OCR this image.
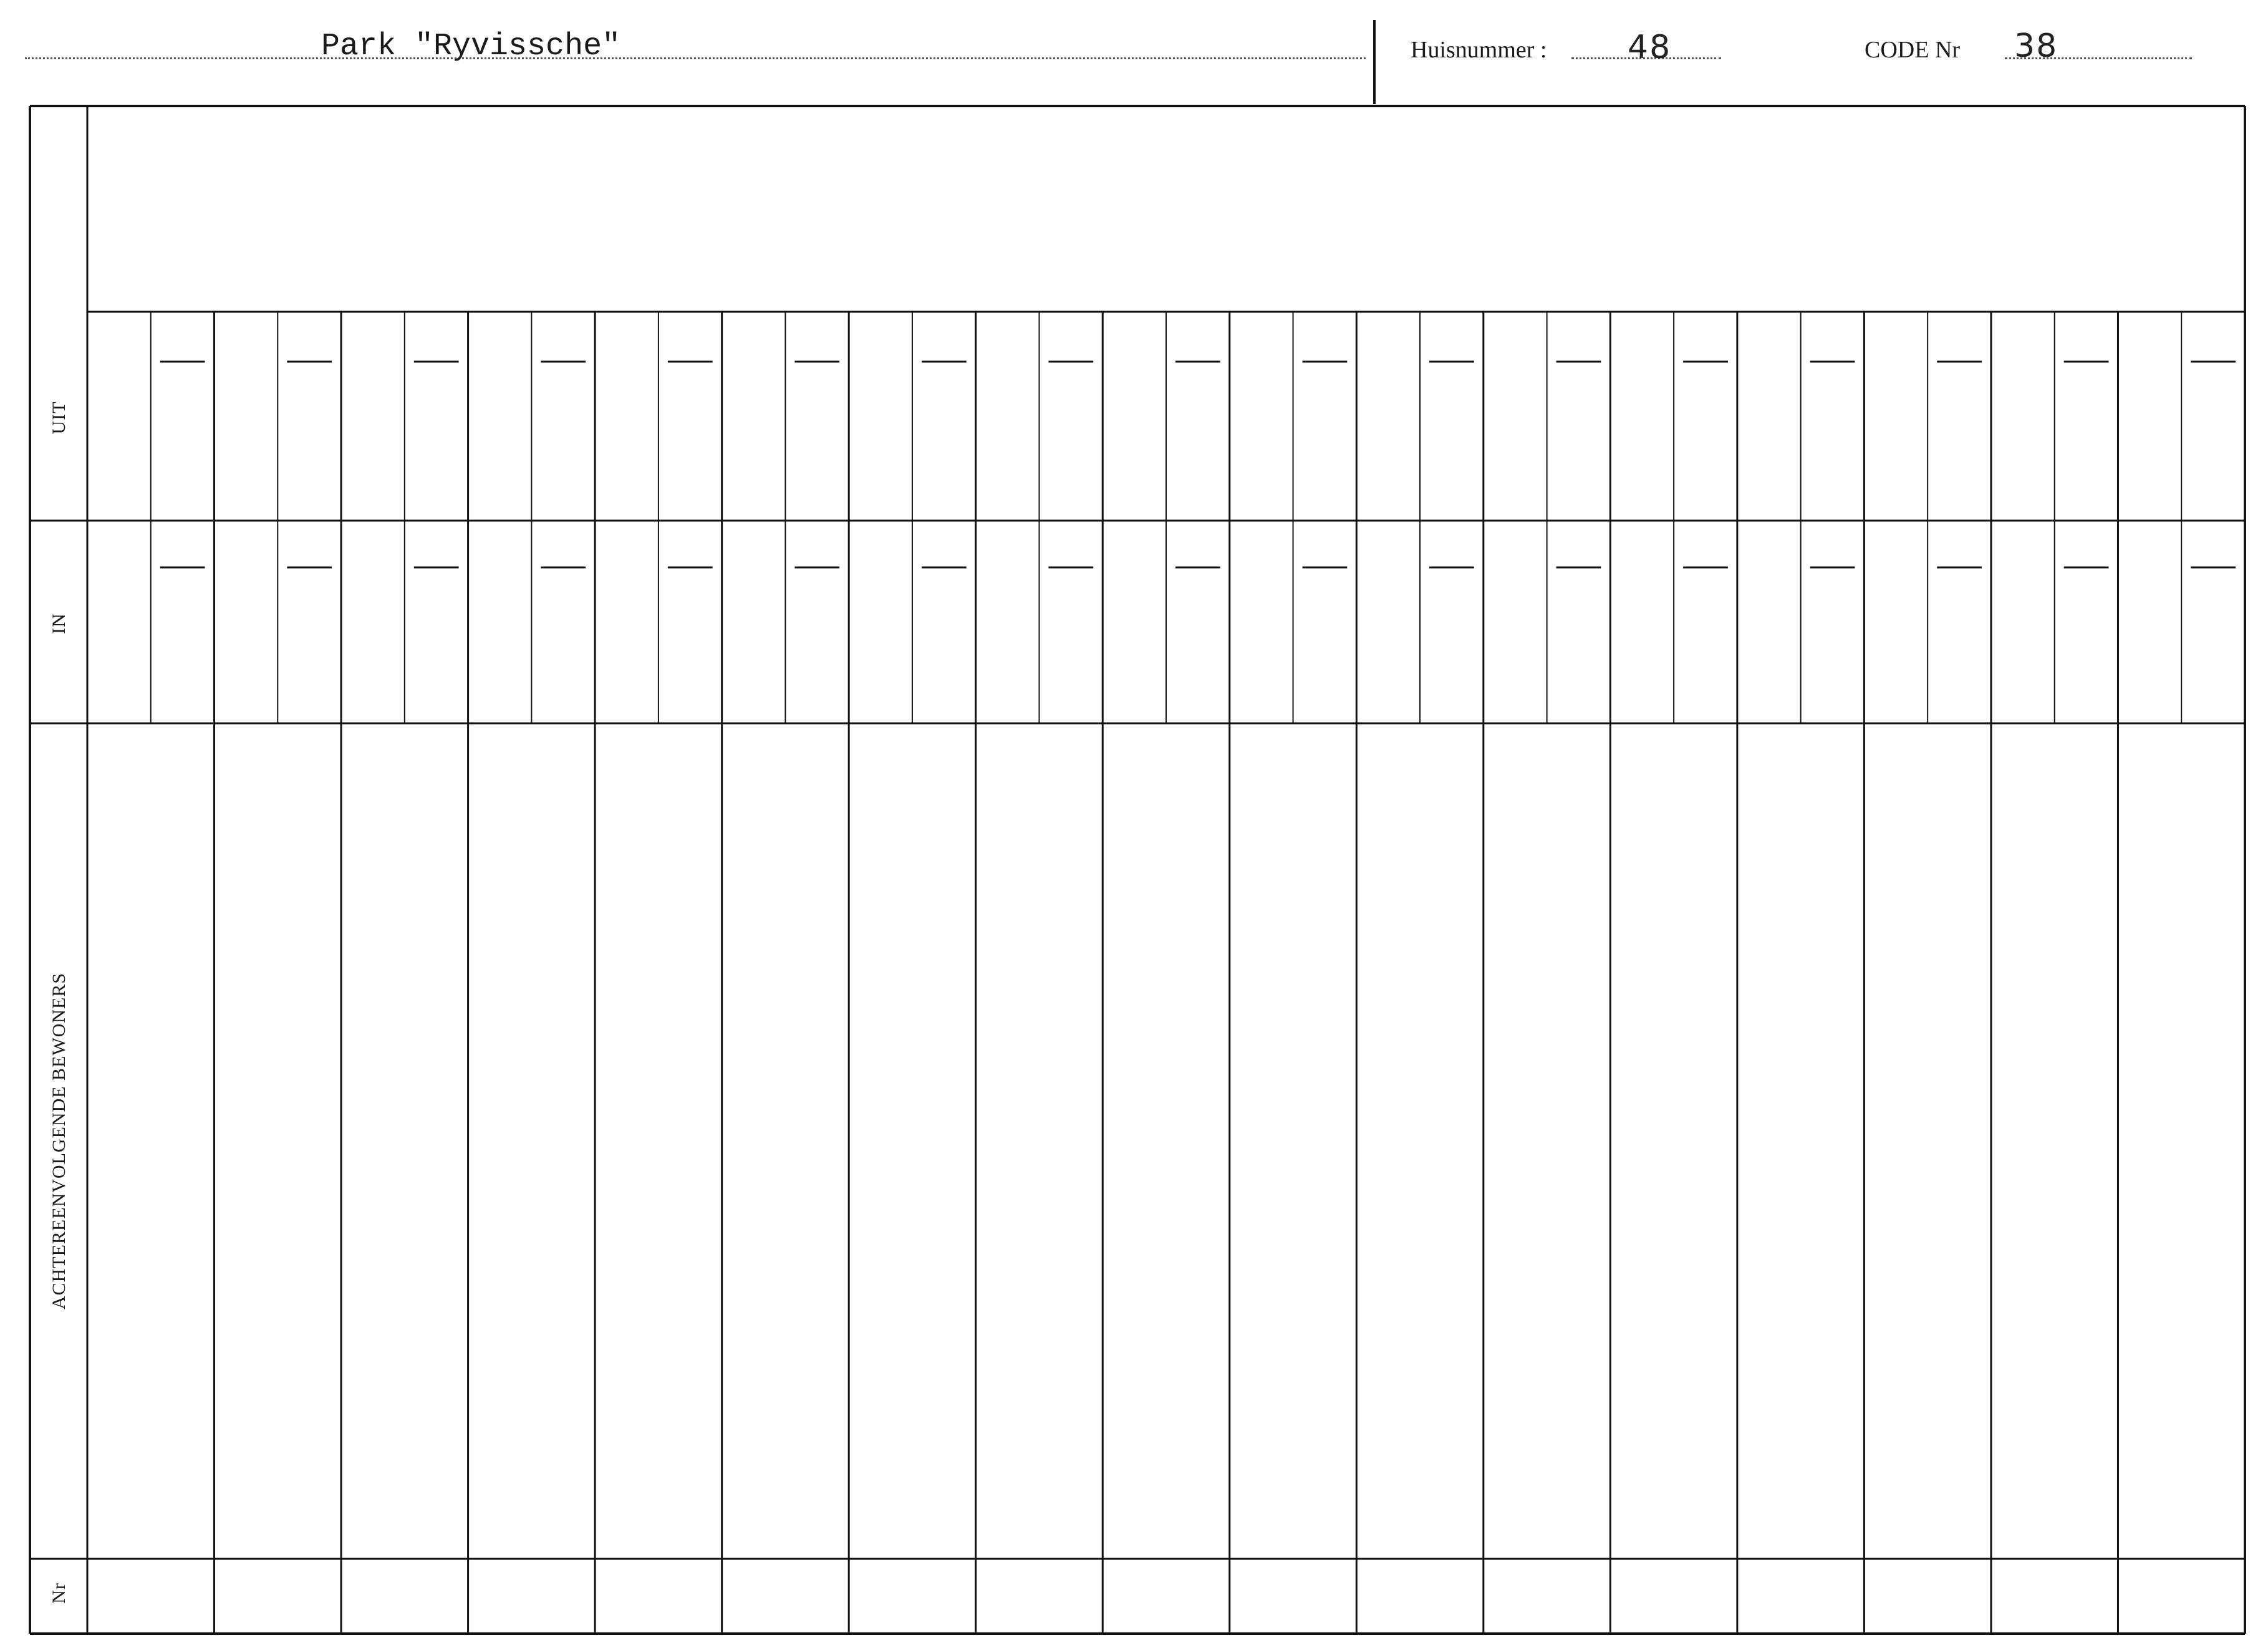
Park "Ryvissche"	Huisnummer : 48	CODE Nr 38
UIT
IN
ACHTEREENVOLGENDE BEWONERS
Nr
